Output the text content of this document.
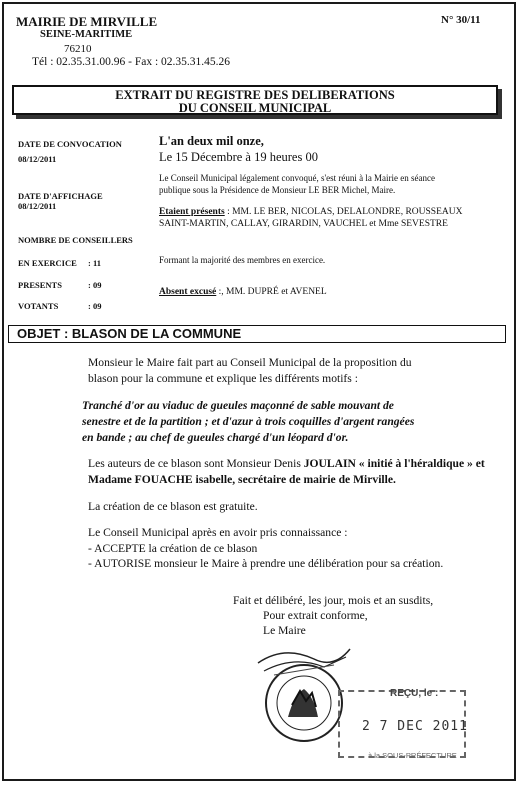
MAIRIE DE MIRVILLE
SEINE-MARITIME
76210
Tél : 02.35.31.00.96 - Fax : 02.35.31.45.26
N° 30/11
EXTRAIT DU REGISTRE DES DELIBERATIONS
DU CONSEIL MUNICIPAL
DATE DE CONVOCATION
08/12/2011
DATE D'AFFICHAGE
08/12/2011
NOMBRE DE CONSEILLERS
EN EXERCICE : 11
PRESENTS	: 09
VOTANTS	: 09
L'an deux mil onze,
Le 15 Décembre à 19 heures 00
Le Conseil Municipal légalement convoqué, s'est réuni à la Mairie en séance
publique sous la Présidence de Monsieur LE BER Michel, Maire.
Etaient présents : MM. LE BER, NICOLAS, DELALONDRE, ROUSSEAUX
SAINT-MARTIN, CALLAY, GIRARDIN, VAUCHEL et Mme SEVESTRE
Formant la majorité des membres en exercice.
Absent excusé :, MM. DUPRÉ et AVENEL
OBJET : BLASON DE LA COMMUNE
Monsieur le Maire fait part au Conseil Municipal de la proposition du
blason pour la commune et explique les différents motifs :
Tranché d'or au viaduc de gueules maçonné de sable mouvant de
senestre et de la partition ; et d'azur à trois coquilles d'argent rangées
en bande ; au chef de gueules chargé d'un léopard d'or.
Les auteurs de ce blason sont Monsieur Denis JOULAIN « initié à l'héraldique » et
Madame FOUACHE isabelle, secrétaire de mairie de Mirville.
La création de ce blason est gratuite.
Le Conseil Municipal après en avoir pris connaissance :
- ACCEPTE la création de ce blason
- AUTORISE monsieur le Maire à prendre une délibération pour sa création.
Fait et délibéré, les jour, mois et an susdits,
Pour extrait conforme,
Le Maire
REÇU, le :
2 7 DEC 2011
à la SOUS-PRÉFECTURE
